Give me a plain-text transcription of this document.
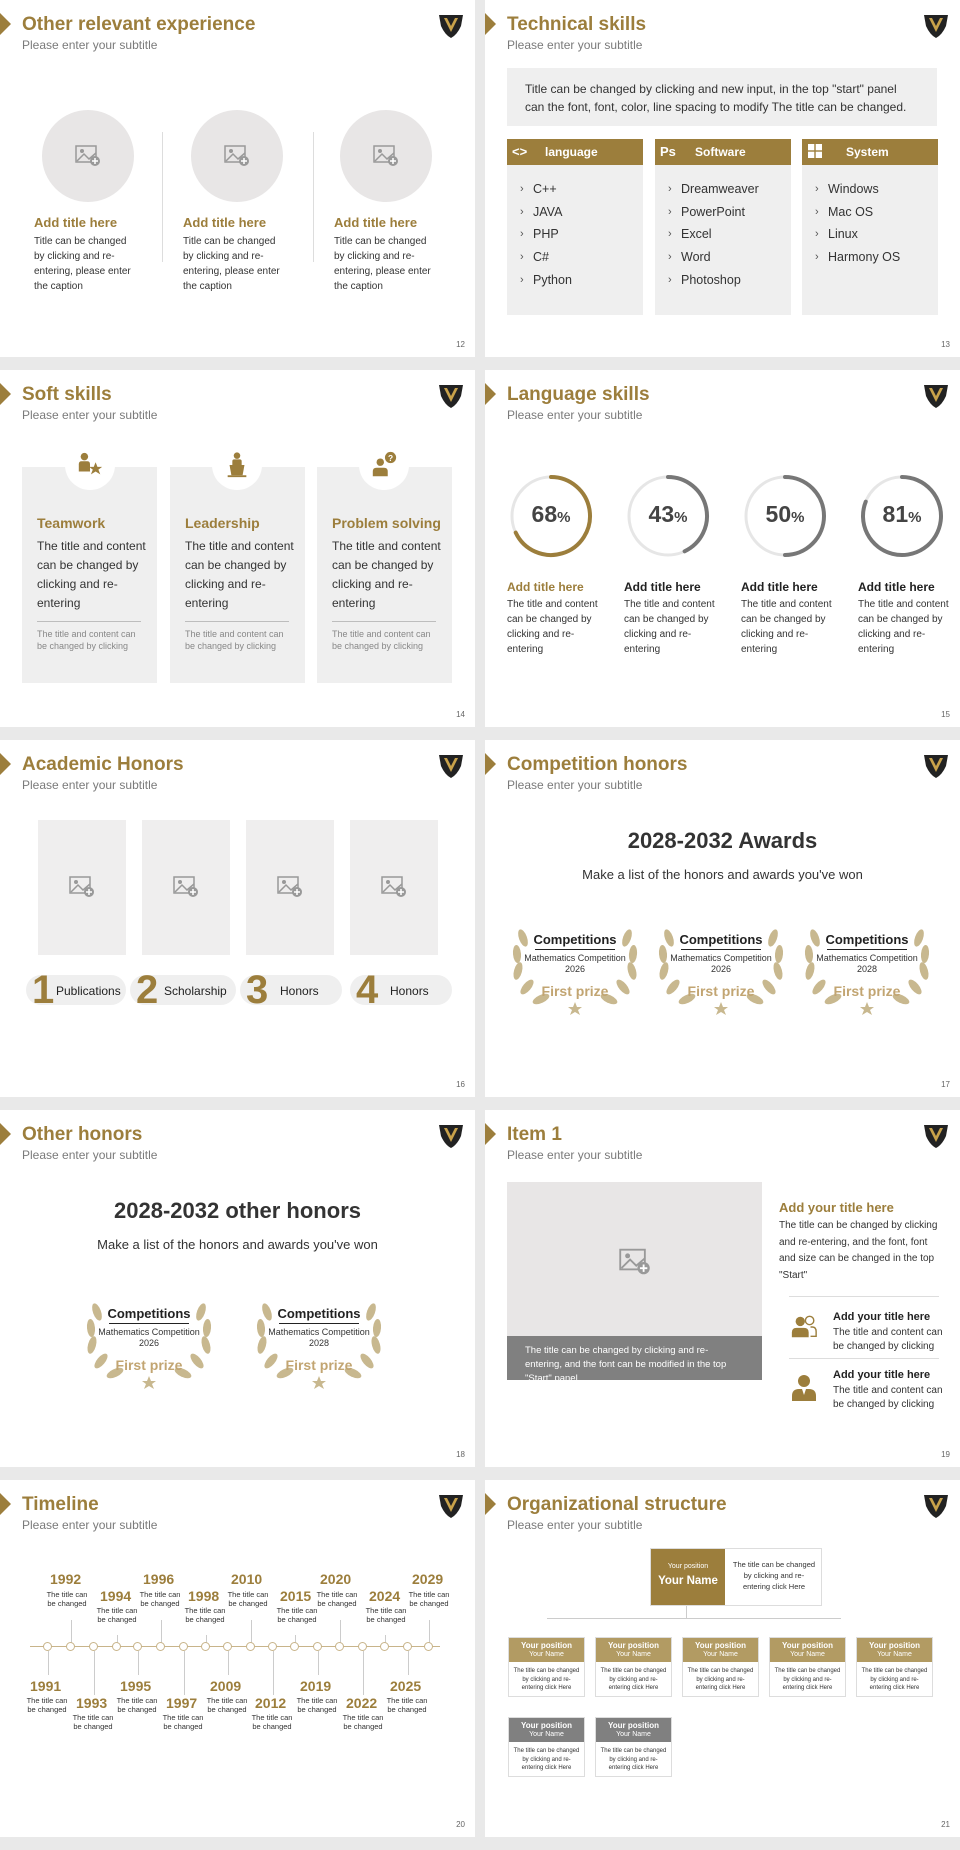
Other relevant experience
Please enter your subtitle
Add title here
Title can be changed by clicking and re-entering, please enter the caption
Add title here
Title can be changed by clicking and re-entering, please enter the caption
Add title here
Title can be changed by clicking and re-entering, please enter the caption
12
Technical skills
Please enter your subtitle
Title can be changed by clicking and new input, in the top "start" panel can the font, font, color, line spacing to modify The title can be changed.
<>	language
› C++
› JAVA
› PHP
› C#
› Python
Ps	Software
› Dreamweaver
› PowerPoint
› Excel
› Word
› Photoshop
System
› Windows
› Mac OS
› Linux
› Harmony OS
13
Soft skills
Please enter your subtitle
Teamwork
The title and content can be changed by clicking and re-entering
The title and content can be changed by clicking
Leadership
The title and content can be changed by clicking and re-entering
The title and content can be changed by clicking
Problem solving
The title and content can be changed by clicking and re-entering
The title and content can be changed by clicking
?
14
Language skills
Please enter your subtitle
68%	43%	50%	81%
Add title here
The title and content can be changed by clicking and re-entering
Add title here
The title and content can be changed by clicking and re-entering
Add title here
The title and content can be changed by clicking and re-entering
Add title here
The title and content can be changed by clicking and re-entering
15
Academic Honors
Please enter your subtitle
1 Publications 2 Scholarship 3 Honors 4 Honors
16
Competition honors
Please enter your subtitle
2028-2032 Awards
Make a list of the honors and awards you've won
Competitions
Mathematics Competition
2026
First prize
Competitions
Mathematics Competition
2026
First prize
Competitions
Mathematics Competition
2028
First prize
17
Other honors
Please enter your subtitle
2028-2032 other honors
Make a list of the honors and awards you've won
Competitions
Mathematics Competition
2026
First prize
Competitions
Mathematics Competition
2028
First prize
18
Item 1
Please enter your subtitle
The title can be changed by clicking and re-entering, and the font can be modified in the top "Start" panel.
Add your title here
The title can be changed by clicking and re-entering, and the font, font and size can be changed in the top "Start"
Add your title here
The title and content can be changed by clicking
Add your title here
The title and content can be changed by clicking
19
Timeline
Please enter your subtitle
1992
The title can be changed 1994
The title can be changed
1996
The title can be changed 1998
The title can be changed
2010
The title can be changed 2015
The title can be changed
2020
The title can be changed 2024
The title can be changed
2029
The title can be changed
1991
The title can be changed 1993
The title can be changed
1995
The title can be changed 1997
The title can be changed
2009
The title can be changed 2012
The title can be changed
2019
The title can be changed 2022
The title can be changed
2025
The title can be changed
20
Organizational structure
Please enter your subtitle
Your position
Your Name
The title can be changed by clicking and re-entering click Here
Your position
Your Name
The title can be changed by clicking and re-entering click Here
Your position
Your Name
The title can be changed by clicking and re-entering click Here
Your position
Your Name
The title can be changed by clicking and re-entering click Here
Your position
Your Name
The title can be changed by clicking and re-entering click Here
Your position
Your Name
The title can be changed by clicking and re-entering click Here
Your position
Your Name
The title can be changed by clicking and re-entering click Here
Your position
Your Name
The title can be changed by clicking and re-entering click Here
21
